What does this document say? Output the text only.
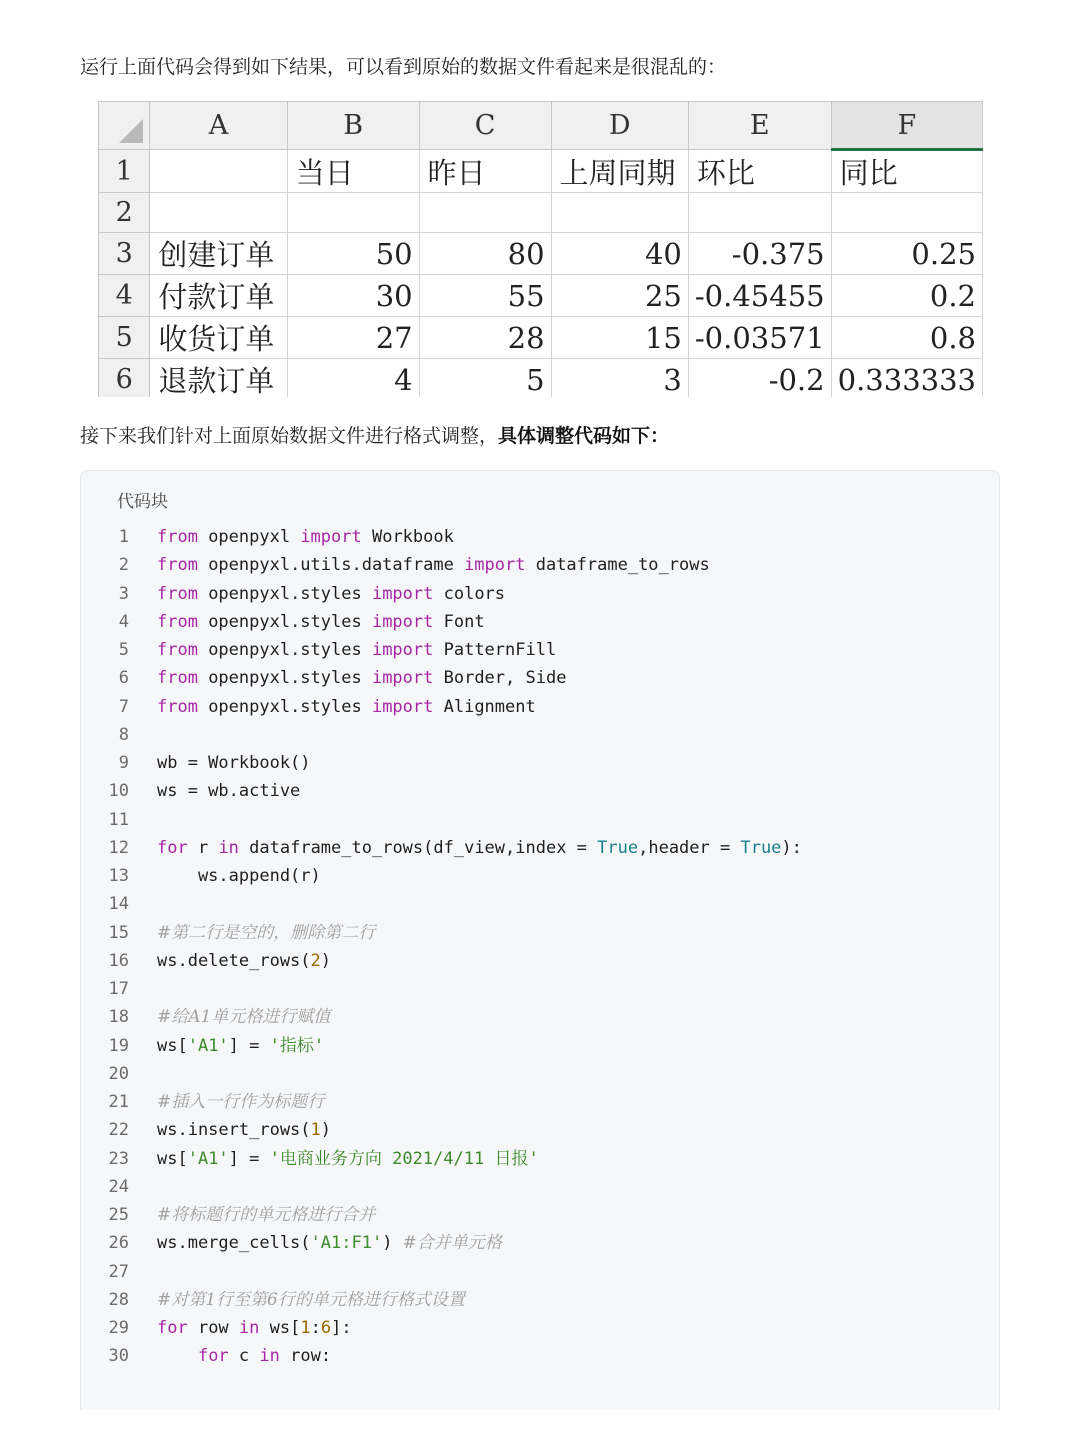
运行上面代码会得到如下结果，可以看到原始的数据文件看起来是很混乱的：
	A	B	C	D	E	F
1		当日	昨日	上周同期	环比	同比
2						
3	创建订单	50	80	40	-0.375	0.25
4	付款订单	30	55	25	-0.45455	0.2
5	收货订单	27	28	15	-0.03571	0.8
6	退款订单	4	5	3	-0.2	0.333333
接下来我们针对上面原始数据文件进行格式调整，具体调整代码如下：
代码块
1 from openpyxl import Workbook
2 from openpyxl.utils.dataframe import dataframe_to_rows
3 from openpyxl.styles import colors
4 from openpyxl.styles import Font
5 from openpyxl.styles import PatternFill
6 from openpyxl.styles import Border, Side
7 from openpyxl.styles import Alignment
8
9 wb = Workbook()
10 ws = wb.active
11
12 for r in dataframe_to_rows(df_view,index = True,header = True):
13    ws.append(r)
14
15 #第二行是空的，删除第二行
16 ws.delete_rows(2)
17
18 #给A1单元格进行赋值
19 ws['A1'] = '指标'
20
21 #插入一行作为标题行
22 ws.insert_rows(1)
23 ws['A1'] = '电商业务方向 2021/4/11 日报'
24
25 #将标题行的单元格进行合并
26 ws.merge_cells('A1:F1') #合并单元格
27
28 #对第1行至第6行的单元格进行格式设置
29 for row in ws[1:6]:
30	for c in row:
